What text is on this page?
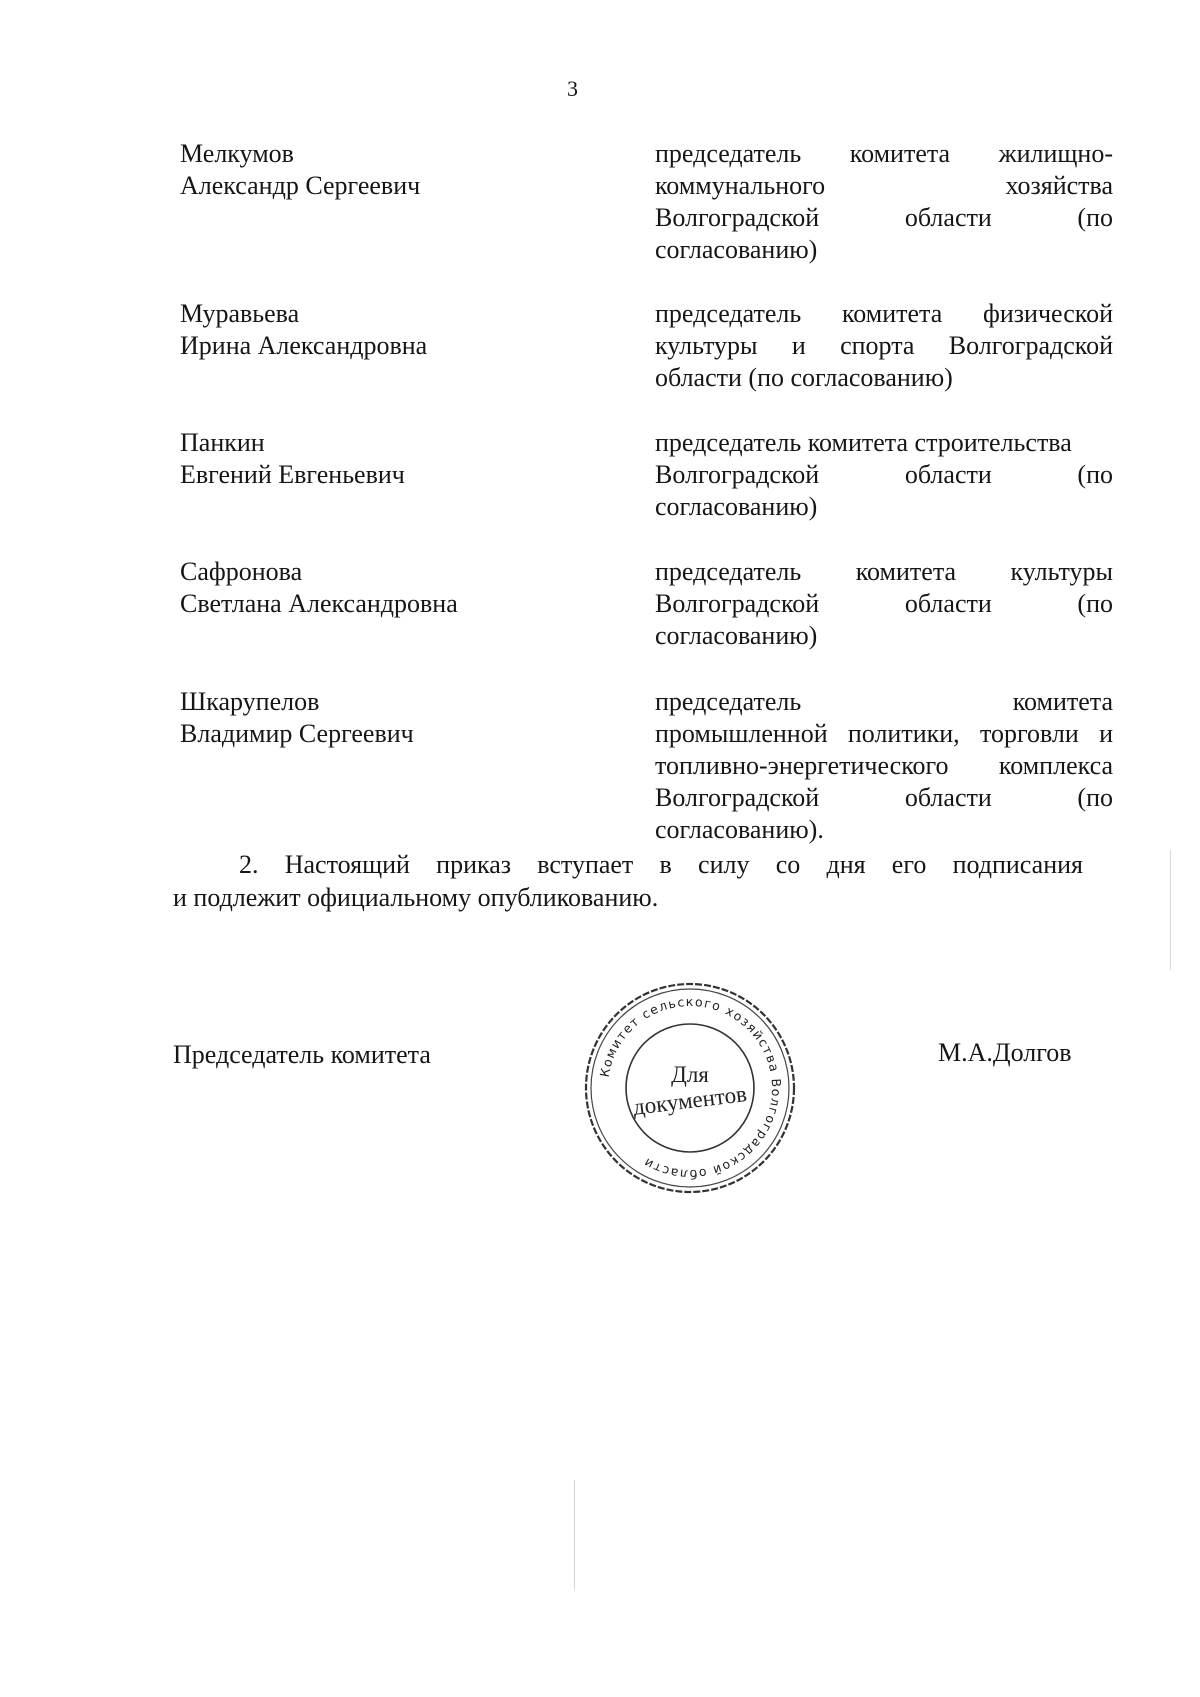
3
Мелкумов
Александр Сергеевич
председатель комитета жилищно-
коммунального хозяйства
Волгоградской области (по
согласованию)
Муравьева
Ирина Александровна
председатель комитета физической
культуры и спорта Волгоградской
области (по согласованию)
Панкин
Евгений Евгеньевич
председатель комитета строительства
Волгоградской области (по
согласованию)
Сафронова
Светлана Александровна
председатель комитета культуры
Волгоградской области (по
согласованию)
Шкарупелов
Владимир Сергеевич
председатель комитета
промышленной политики, торговли и
топливно-энергетического комплекса
Волгоградской области (по
согласованию).
2. Настоящий приказ вступает в силу со дня его подписания
и подлежит официальному опубликованию.
Председатель комитета	М.А.Долгов
Комитет сельского хозяйства Волгоградской области
Для
документов
